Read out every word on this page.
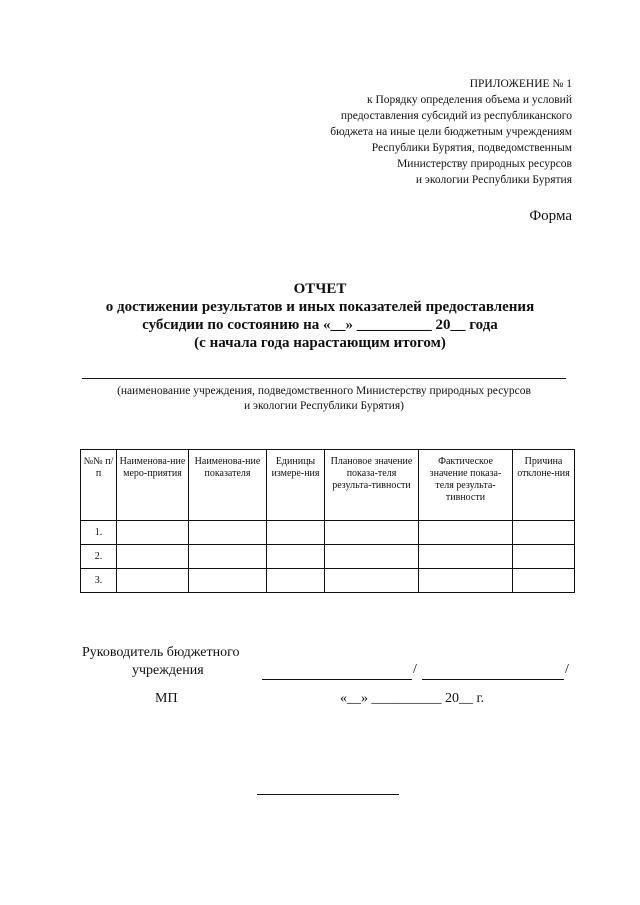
ПРИЛОЖЕНИЕ № 1
к Порядку определения объема и условий
предоставления субсидий из республиканского
бюджета на иные цели бюджетным учреждениям
Республики Бурятия, подведомственным
Министерству природных ресурсов
и экологии Республики Бурятия
Форма
ОТЧЕТ
о достижении результатов и иных показателей предоставления
субсидии по состоянию на «__» __________ 20__ года
(с начала года нарастающим итогом)
(наименование учреждения, подведомственного Министерству природных ресурсов
и экологии Республики Бурятия)
№№ п/п	Наименова-ние меро-приятия	Наименова-ние показателя	Единицы измере-ния	Плановое значение показа-теля результа-тивности	Фактическое значение показа-теля результа-тивности	Причина отклоне-ния
1.						
2.						
3.						
Руководитель бюджетного
учреждения	/	/
МП	«__» __________ 20__ г.
